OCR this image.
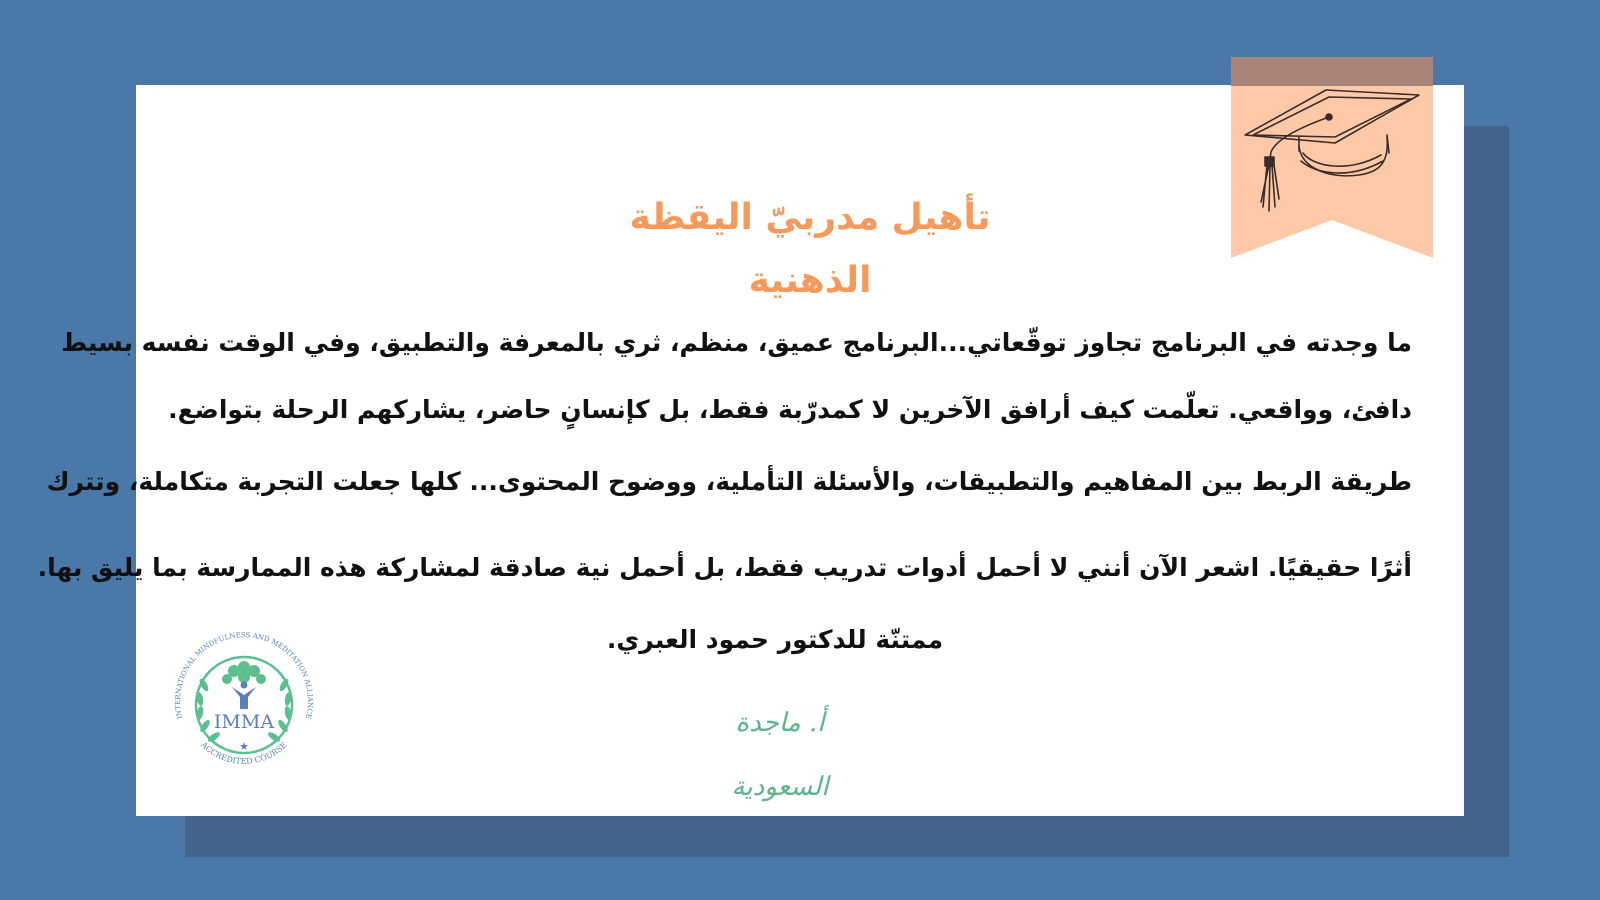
تأهيل مدربيّ اليقظة
الذهنية
ما وجدته في البرنامج تجاوز توقّعاتي...البرنامج عميق، منظم، ثري بالمعرفة والتطبيق، وفي الوقت نفسه بسيط
دافئ، وواقعي. تعلّمت كيف أرافق الآخرين لا كمدرّبة فقط، بل كإنسانٍ حاضر، يشاركهم الرحلة بتواضع.
طريقة الربط بين المفاهيم والتطبيقات، والأسئلة التأملية، ووضوح المحتوى... كلها جعلت التجربة متكاملة، وتترك
أثرًا حقيقيًا. اشعر الآن أنني لا أحمل أدوات تدريب فقط، بل أحمل نية صادقة لمشاركة هذه الممارسة بما يليق بها.
ممتنّة للدكتور حمود العبري.
أ. ماجدة
السعودية
IMMA
★
INTERNATIONAL MINDFULNESS AND MEDITATION ALLIANCE
ACCREDITED COURSE
